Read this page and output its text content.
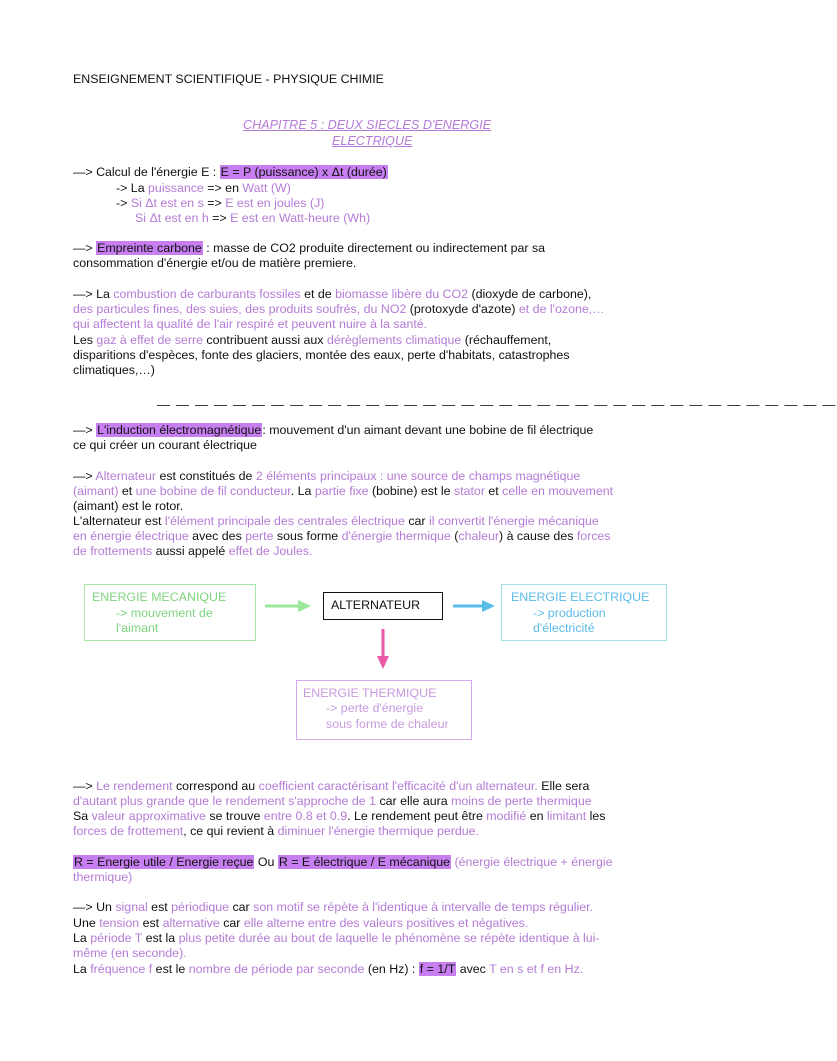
ENSEIGNEMENT SCIENTIFIQUE - PHYSIQUE CHIMIE
CHAPITRE 5 : DEUX SIECLES D'ENERGIE
ELECTRIQUE
—> Calcul de l'énergie E : E = P (puissance) x Δt (durée)
-> La puissance => en Watt (W)
-> Si Δt est en s => E est en joules (J)
Si Δt est en h => E est en Watt-heure (Wh)
—> Empreinte carbone : masse de CO2 produite directement ou indirectement par sa
consommation d'énergie et/ou de matière premiere.
—> La combustion de carburants fossiles et de biomasse libère du CO2 (dioxyde de carbone),
des particules fines, des suies, des produits soufrés, du NO2 (protoxyde d'azote) et de l'ozone,…
qui affectent la qualité de l'air respiré et peuvent nuire à la santé.
Les gaz à effet de serre contribuent aussi aux dérèglements climatique (réchauffement,
disparitions d'espèces, fonte des glaciers, montée des eaux, perte d'habitats, catastrophes
climatiques,…)
— — — — — — — — — — — — — — — — — — — — — — — — — — — — — — — — — — — —
—> L'induction électromagnétique: mouvement d'un aimant devant une bobine de fil électrique
ce qui créer un courant électrique
—> Alternateur est constitués de 2 éléments principaux : une source de champs magnétique
(aimant) et une bobine de fil conducteur. La partie fixe (bobine) est le stator et celle en mouvement
(aimant) est le rotor.
L'alternateur est l'élément principale des centrales électrique car il convertit l'énergie mécanique
en énergie électrique avec des perte sous forme d'énergie thermique (chaleur) à cause des forces
de frottements aussi appelé effet de Joules.
ENERGIE MECANIQUE
-> mouvement de
l'aimant
ALTERNATEUR
ENERGIE ELECTRIQUE
-> production
d'électricité
ENERGIE THERMIQUE
-> perte d'énergie
sous forme de chaleur
—> Le rendement correspond au coefficient caractérisant l'efficacité d'un alternateur. Elle sera
d'autant plus grande que le rendement s'approche de 1 car elle aura moins de perte thermique
Sa valeur approximative se trouve entre 0.8 et 0.9. Le rendement peut être modifié en limitant les
forces de frottement, ce qui revient à diminuer l'énergie thermique perdue.
R = Energie utile / Energie reçue Ou R = E électrique / E mécanique (énergie électrique + énergie
thermique)
—> Un signal est périodique car son motif se répète à l'identique à intervalle de temps régulier.
Une tension est alternative car elle alterne entre des valeurs positives et négatives.
La période T est la plus petite durée au bout de laquelle le phénomène se répète identique à lui-
même (en seconde).
La fréquence f est le nombre de période par seconde (en Hz) : f = 1/T avec T en s et f en Hz.
